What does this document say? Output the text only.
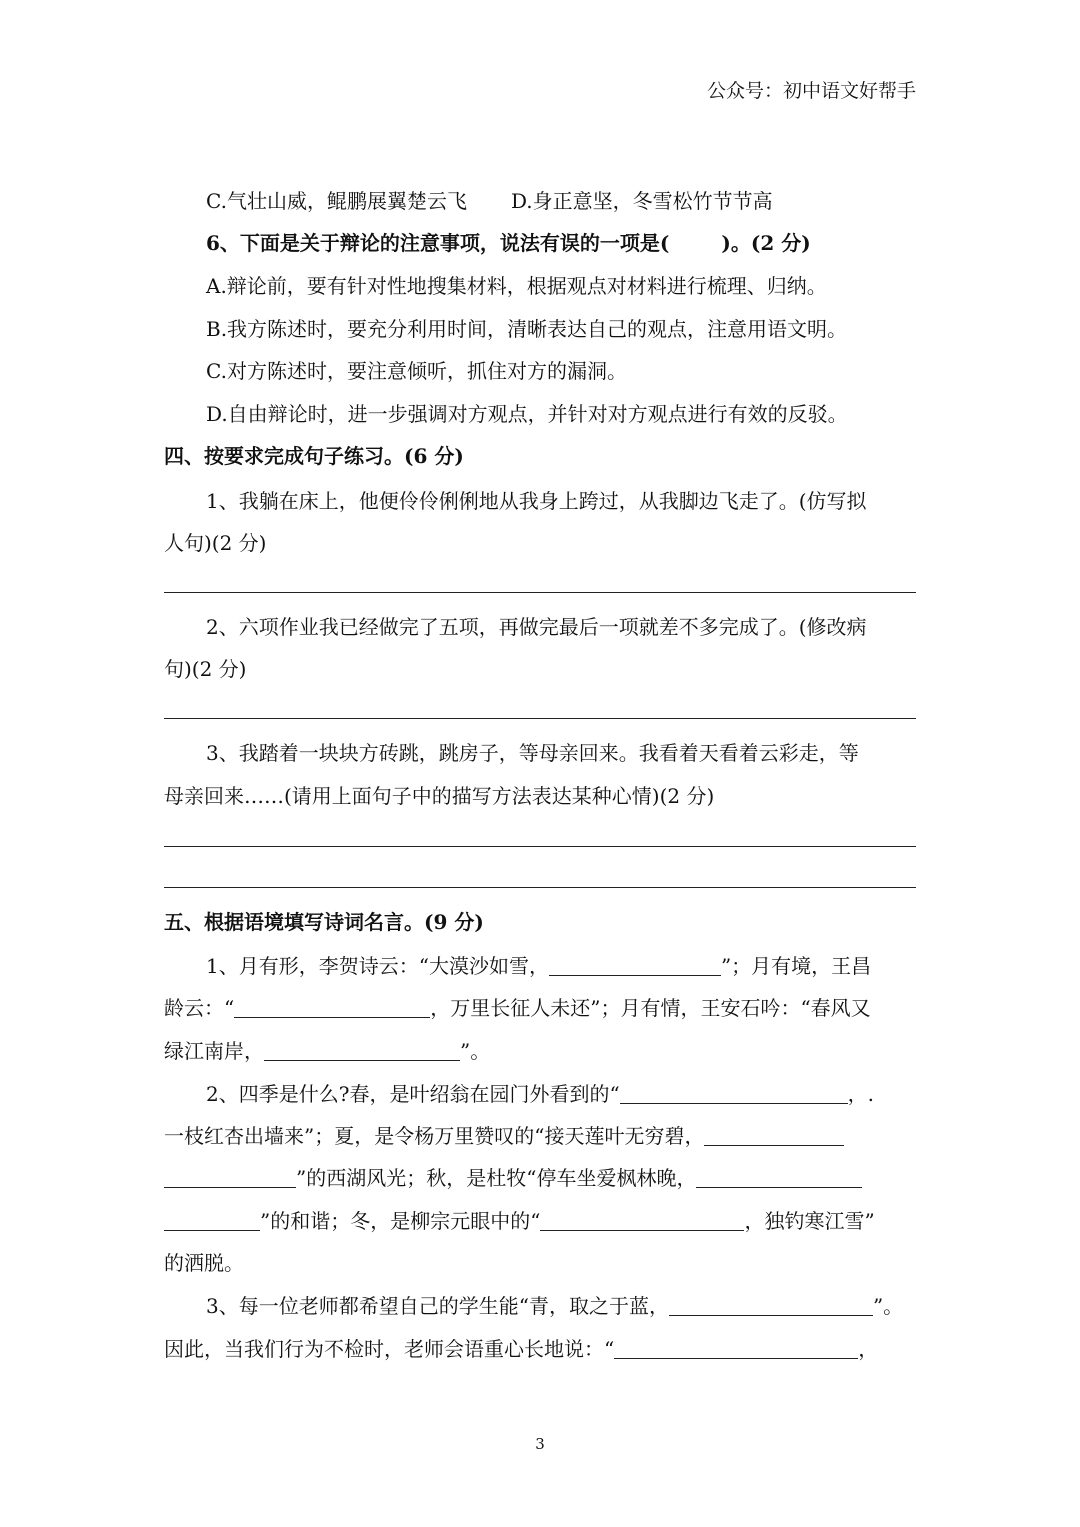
公众号：初中语文好帮手
C.气壮山威，鲲鹏展翼楚云飞 D.身正意坚，冬雪松竹节节高
6、下面是关于辩论的注意事项，说法有误的一项是(	)。(2 分)
A.辩论前，要有针对性地搜集材料，根据观点对材料进行梳理、归纳。
B.我方陈述时，要充分利用时间，清晰表达自己的观点，注意用语文明。
C.对方陈述时，要注意倾听，抓住对方的漏洞。
D.自由辩论时，进一步强调对方观点，并针对对方观点进行有效的反驳。
四、按要求完成句子练习。(6 分)
1、我躺在床上，他便伶伶俐俐地从我身上跨过，从我脚边飞走了。(仿写拟
人句)(2 分)
2、六项作业我已经做完了五项，再做完最后一项就差不多完成了。(修改病
句)(2 分)
3、我踏着一块块方砖跳，跳房子，等母亲回来。我看着天看着云彩走，等
母亲回来……(请用上面句子中的描写方法表达某种心情)(2 分)
五、根据语境填写诗词名言。(9 分)
1、月有形，李贺诗云：“大漠沙如雪，	”；月有境，王昌
龄云：“	，万里长征人未还”；月有情，王安石吟：“春风又
绿江南岸，	”。
2、四季是什么?春，是叶绍翁在园门外看到的“	，.
一枝红杏出墙来”；夏，是令杨万里赞叹的“接天莲叶无穷碧，
”的西湖风光；秋，是杜牧“停车坐爱枫林晚，
”的和谐；冬，是柳宗元眼中的“	，独钓寒江雪”
的洒脱。
3、每一位老师都希望自己的学生能“青，取之于蓝，	”。
因此，当我们行为不检时，老师会语重心长地说：“	，
3
